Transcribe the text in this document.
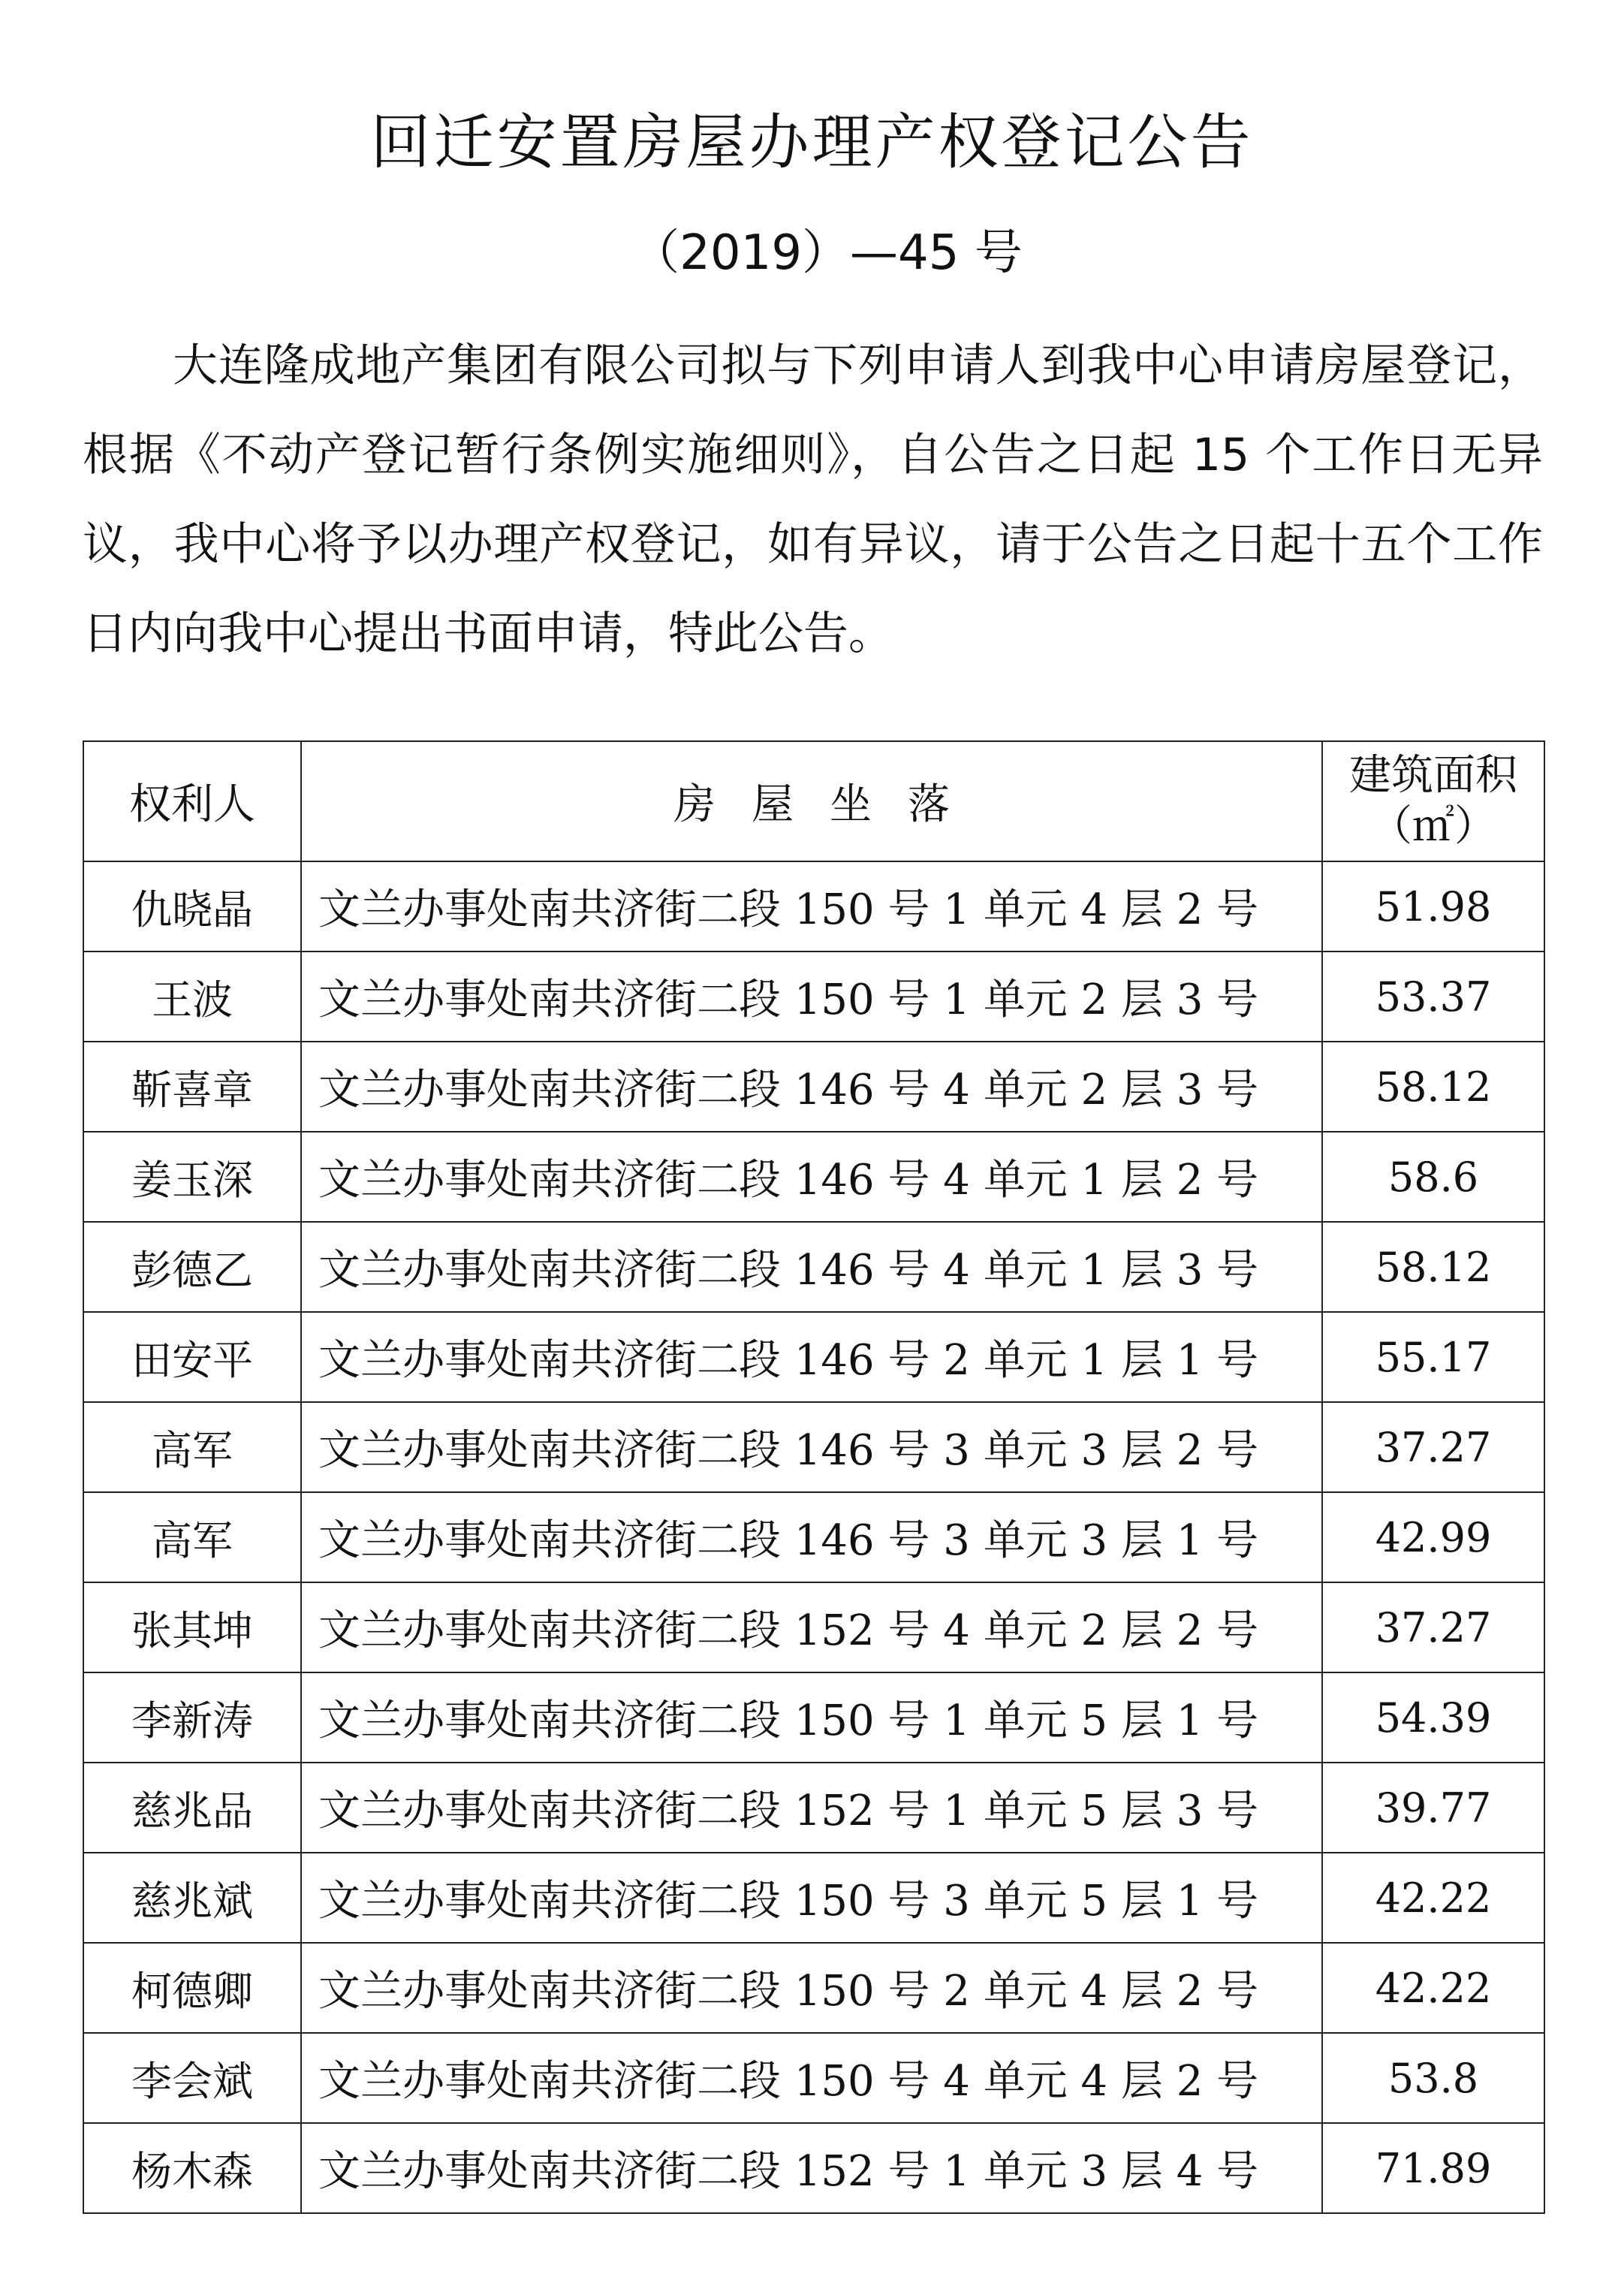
回迁安置房屋办理产权登记公告
（2019）—45 号

大连隆成地产集团有限公司拟与下列申请人到我中心申请房屋登记，根据《不动产登记暂行条例实施细则》，自公告之日起 15 个工作日无异议，我中心将予以办理产权登记，如有异议，请于公告之日起十五个工作日内向我中心提出书面申请，特此公告。

权利人	房屋坐落	建筑面积
（㎡）

仇晓晶	文兰办事处南共济街二段 150 号 1 单元 4 层 2 号	51.98
王波	文兰办事处南共济街二段 150 号 1 单元 2 层 3 号	53.37
靳喜章	文兰办事处南共济街二段 146 号 4 单元 2 层 3 号	58.12
姜玉深	文兰办事处南共济街二段 146 号 4 单元 1 层 2 号	58.6
彭德乙	文兰办事处南共济街二段 146 号 4 单元 1 层 3 号	58.12
田安平	文兰办事处南共济街二段 146 号 2 单元 1 层 1 号	55.17
高军	文兰办事处南共济街二段 146 号 3 单元 3 层 2 号	37.27
高军	文兰办事处南共济街二段 146 号 3 单元 3 层 1 号	42.99
张其坤	文兰办事处南共济街二段 152 号 4 单元 2 层 2 号	37.27
李新涛	文兰办事处南共济街二段 150 号 1 单元 5 层 1 号	54.39
慈兆品	文兰办事处南共济街二段 152 号 1 单元 5 层 3 号	39.77
慈兆斌	文兰办事处南共济街二段 150 号 3 单元 5 层 1 号	42.22
柯德卿	文兰办事处南共济街二段 150 号 2 单元 4 层 2 号	42.22
李会斌	文兰办事处南共济街二段 150 号 4 单元 4 层 2 号	53.8
杨木森	文兰办事处南共济街二段 152 号 1 单元 3 层 4 号	71.89
